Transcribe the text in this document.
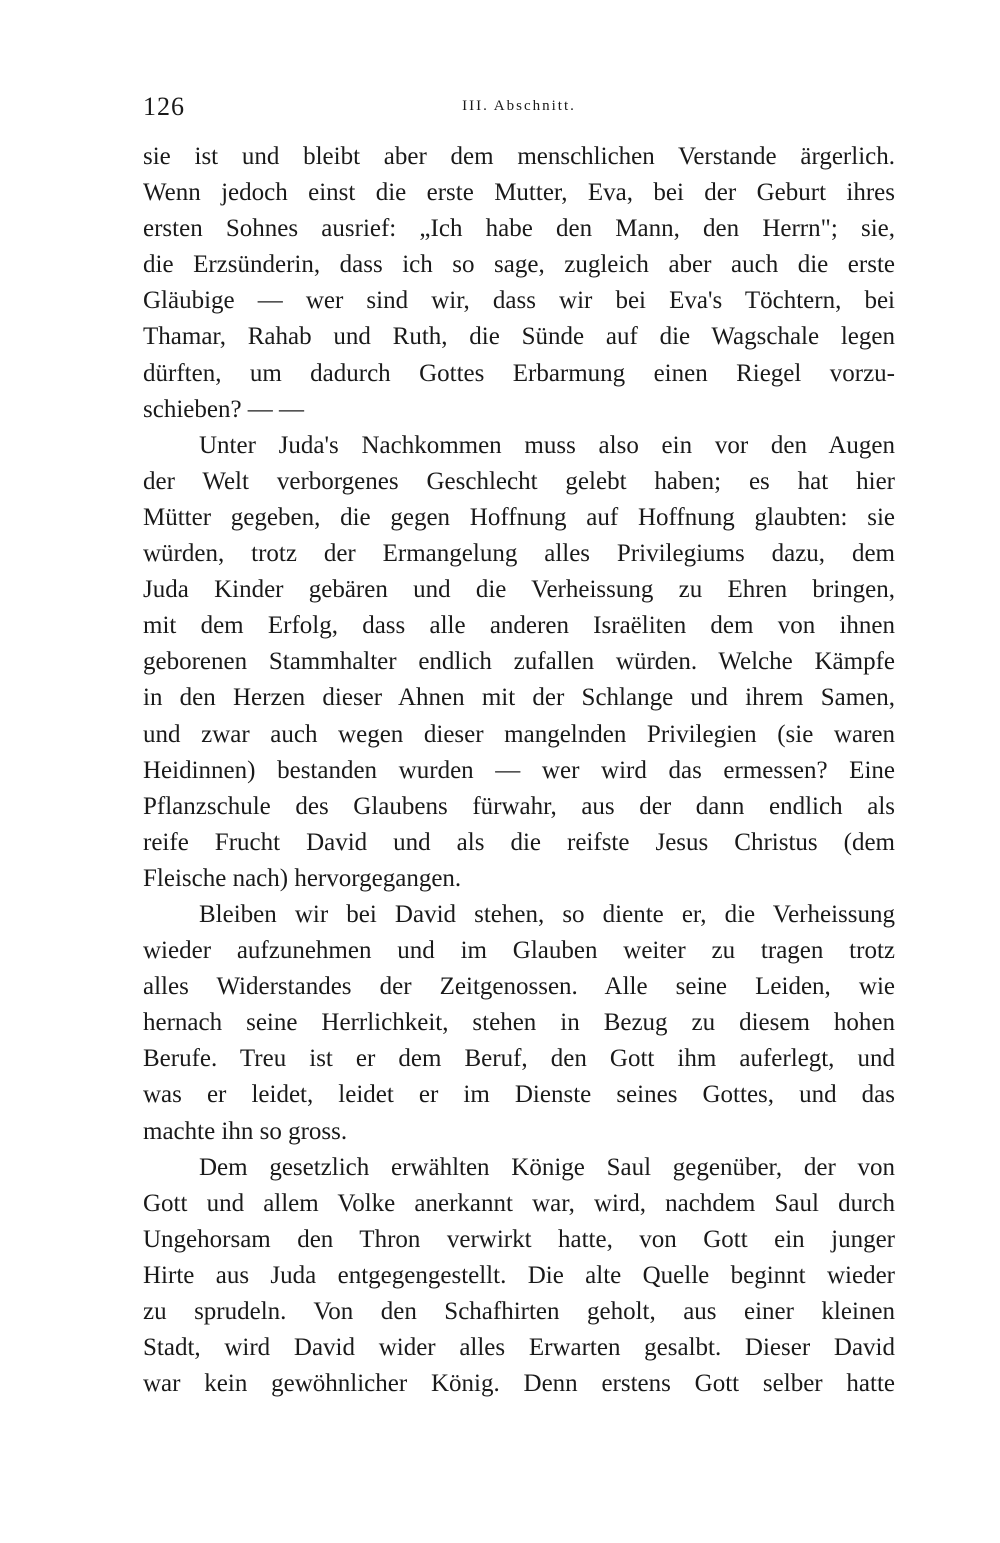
126	III. Abschnitt.
sie ist und bleibt aber dem menschlichen Verstande ärgerlich.
Wenn jedoch einst die erste Mutter, Eva, bei der Geburt ihres
ersten Sohnes ausrief: „Ich habe den Mann, den Herrn"; sie,
die Erzsünderin, dass ich so sage, zugleich aber auch die erste
Gläubige — wer sind wir, dass wir bei Eva's Töchtern, bei
Thamar, Rahab und Ruth, die Sünde auf die Wagschale legen
dürften, um dadurch Gottes Erbarmung einen Riegel vorzu-
schieben? — —
Unter Juda's Nachkommen muss also ein vor den Augen
der Welt verborgenes Geschlecht gelebt haben; es hat hier
Mütter gegeben, die gegen Hoffnung auf Hoffnung glaubten: sie
würden, trotz der Ermangelung alles Privilegiums dazu, dem
Juda Kinder gebären und die Verheissung zu Ehren bringen,
mit dem Erfolg, dass alle anderen Israëliten dem von ihnen
geborenen Stammhalter endlich zufallen würden. Welche Kämpfe
in den Herzen dieser Ahnen mit der Schlange und ihrem Samen,
und zwar auch wegen dieser mangelnden Privilegien (sie waren
Heidinnen) bestanden wurden — wer wird das ermessen? Eine
Pflanzschule des Glaubens fürwahr, aus der dann endlich als
reife Frucht David und als die reifste Jesus Christus (dem
Fleische nach) hervorgegangen.
Bleiben wir bei David stehen, so diente er, die Verheissung
wieder aufzunehmen und im Glauben weiter zu tragen trotz
alles Widerstandes der Zeitgenossen. Alle seine Leiden, wie
hernach seine Herrlichkeit, stehen in Bezug zu diesem hohen
Berufe. Treu ist er dem Beruf, den Gott ihm auferlegt, und
was er leidet, leidet er im Dienste seines Gottes, und das
machte ihn so gross.
Dem gesetzlich erwählten Könige Saul gegenüber, der von
Gott und allem Volke anerkannt war, wird, nachdem Saul durch
Ungehorsam den Thron verwirkt hatte, von Gott ein junger
Hirte aus Juda entgegengestellt. Die alte Quelle beginnt wieder
zu sprudeln. Von den Schafhirten geholt, aus einer kleinen
Stadt, wird David wider alles Erwarten gesalbt. Dieser David
war kein gewöhnlicher König. Denn erstens Gott selber hatte
